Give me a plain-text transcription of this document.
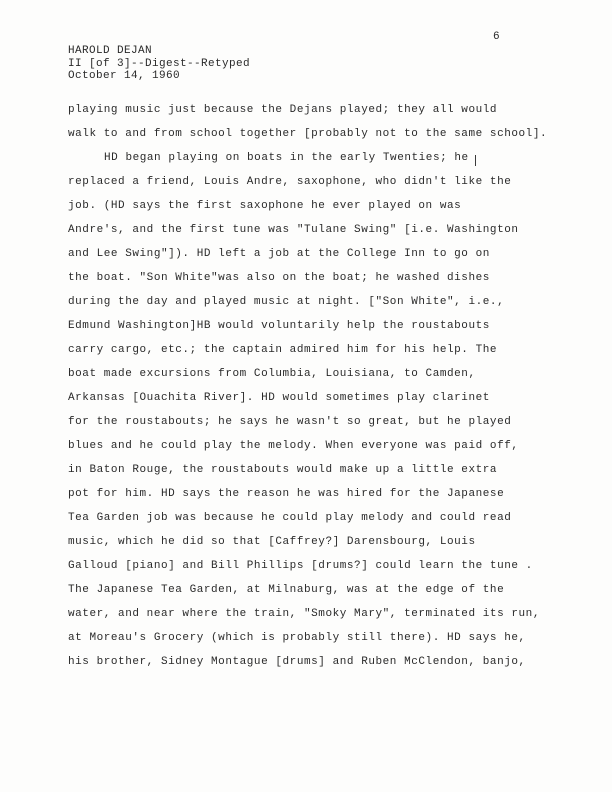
6
HAROLD DEJAN
II [of 3]--Digest--Retyped
October 14, 1960
playing music just because the Dejans played; they all would
walk to and from school together [probably not to the same school].
HD began playing on boats in the early Twenties; he
replaced a friend, Louis Andre, saxophone, who didn't like the
job. (HD says the first saxophone he ever played on was
Andre's, and the first tune was "Tulane Swing" [i.e. Washington
and Lee Swing"]). HD left a job at the College Inn to go on
the boat. "Son White"was also on the boat; he washed dishes
during the day and played music at night. ["Son White", i.e.,
Edmund Washington]HB would voluntarily help the roustabouts
carry cargo, etc.; the captain admired him for his help. The
boat made excursions from Columbia, Louisiana, to Camden,
Arkansas [Ouachita River]. HD would sometimes play clarinet
for the roustabouts; he says he wasn't so great, but he played
blues and he could play the melody. When everyone was paid off,
in Baton Rouge, the roustabouts would make up a little extra
pot for him. HD says the reason he was hired for the Japanese
Tea Garden job was because he could play melody and could read
music, which he did so that [Caffrey?] Darensbourg, Louis
Galloud [piano] and Bill Phillips [drums?] could learn the tune .
The Japanese Tea Garden, at Milnaburg, was at the edge of the
water, and near where the train, "Smoky Mary", terminated its run,
at Moreau's Grocery (which is probably still there). HD says he,
his brother, Sidney Montague [drums] and Ruben McClendon, banjo,
